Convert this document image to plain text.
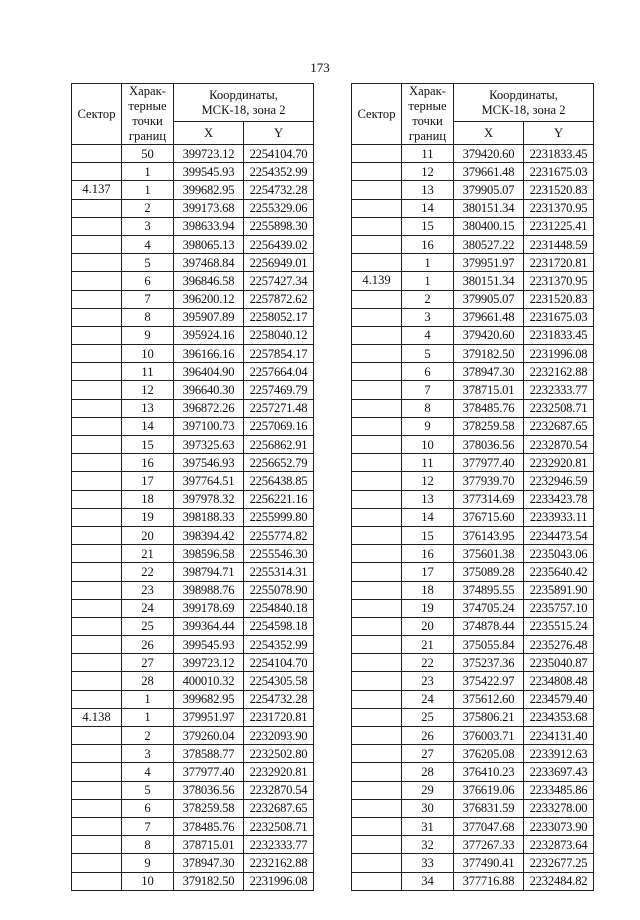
173
Сектор	Харак-
терные
точки
границ	Координаты,
МСК-18, зона 2	
		X	Y
	50	399723.12	2254104.70
	1	399545.93	2254352.99
4.137	1	399682.95	2254732.28
	2	399173.68	2255329.06
	3	398633.94	2255898.30
	4	398065.13	2256439.02
	5	397468.84	2256949.01
	6	396846.58	2257427.34
	7	396200.12	2257872.62
	8	395907.89	2258052.17
	9	395924.16	2258040.12
	10	396166.16	2257854.17
	11	396404.90	2257664.04
	12	396640.30	2257469.79
	13	396872.26	2257271.48
	14	397100.73	2257069.16
	15	397325.63	2256862.91
	16	397546.93	2256652.79
	17	397764.51	2256438.85
	18	397978.32	2256221.16
	19	398188.33	2255999.80
	20	398394.42	2255774.82
	21	398596.58	2255546.30
	22	398794.71	2255314.31
	23	398988.76	2255078.90
	24	399178.69	2254840.18
	25	399364.44	2254598.18
	26	399545.93	2254352.99
	27	399723.12	2254104.70
	28	400010.32	2254305.58
	1	399682.95	2254732.28
4.138	1	379951.97	2231720.81
	2	379260.04	2232093.90
	3	378588.77	2232502.80
	4	377977.40	2232920.81
	5	378036.56	2232870.54
	6	378259.58	2232687.65
	7	378485.76	2232508.71
	8	378715.01	2232333.77
	9	378947.30	2232162.88
	10	379182.50	2231996.08
Сектор	Харак-
терные
точки
границ	Координаты,
МСК-18, зона 2	
		X	Y
	11	379420.60	2231833.45
	12	379661.48	2231675.03
	13	379905.07	2231520.83
	14	380151.34	2231370.95
	15	380400.15	2231225.41
	16	380527.22	2231448.59
	1	379951.97	2231720.81
4.139	1	380151.34	2231370.95
	2	379905.07	2231520.83
	3	379661.48	2231675.03
	4	379420.60	2231833.45
	5	379182.50	2231996.08
	6	378947.30	2232162.88
	7	378715.01	2232333.77
	8	378485.76	2232508.71
	9	378259.58	2232687.65
	10	378036.56	2232870.54
	11	377977.40	2232920.81
	12	377939.70	2232946.59
	13	377314.69	2233423.78
	14	376715.60	2233933.11
	15	376143.95	2234473.54
	16	375601.38	2235043.06
	17	375089.28	2235640.42
	18	374895.55	2235891.90
	19	374705.24	2235757.10
	20	374878.44	2235515.24
	21	375055.84	2235276.48
	22	375237.36	2235040.87
	23	375422.97	2234808.48
	24	375612.60	2234579.40
	25	375806.21	2234353.68
	26	376003.71	2234131.40
	27	376205.08	2233912.63
	28	376410.23	2233697.43
	29	376619.06	2233485.86
	30	376831.59	2233278.00
	31	377047.68	2233073.90
	32	377267.33	2232873.64
	33	377490.41	2232677.25
	34	377716.88	2232484.82
